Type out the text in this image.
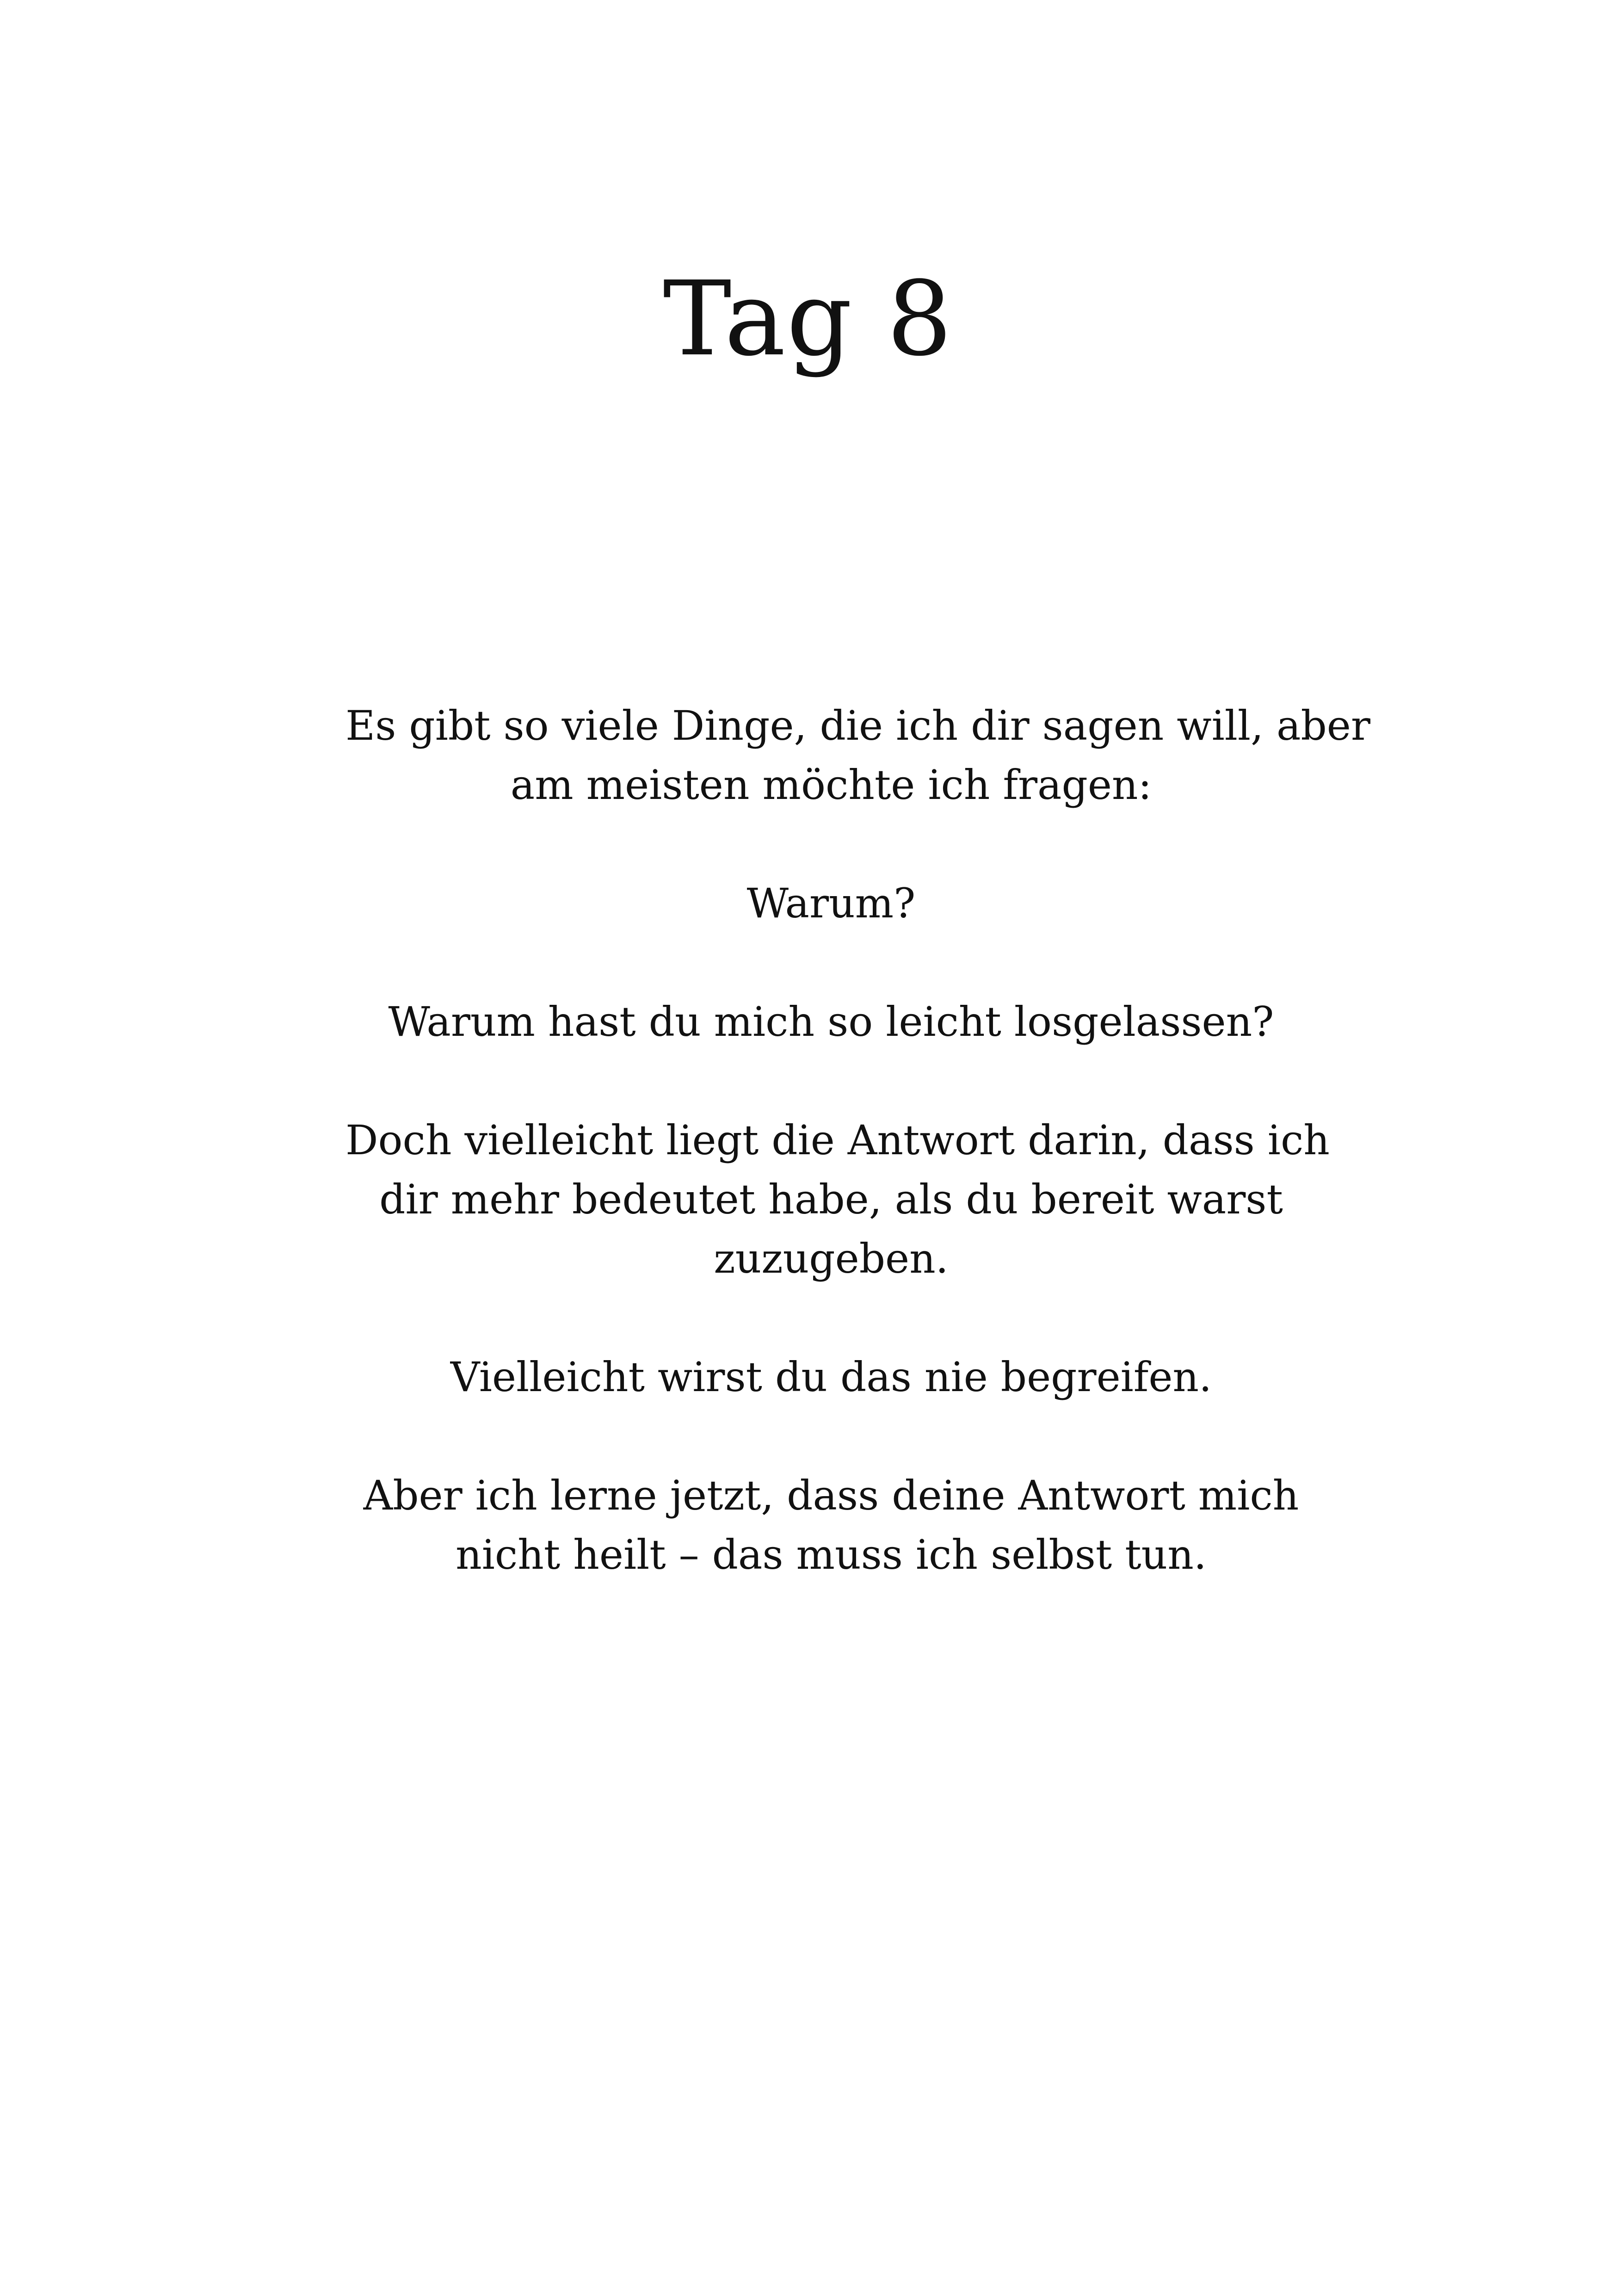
Tag 8

Es gibt so viele Dinge, die ich dir sagen will, aber
am meisten möchte ich fragen:

Warum?

Warum hast du mich so leicht losgelassen?

Doch vielleicht liegt die Antwort darin, dass ich
dir mehr bedeutet habe, als du bereit warst
zuzugeben.

Vielleicht wirst du das nie begreifen.

Aber ich lerne jetzt, dass deine Antwort mich
nicht heilt – das muss ich selbst tun.
